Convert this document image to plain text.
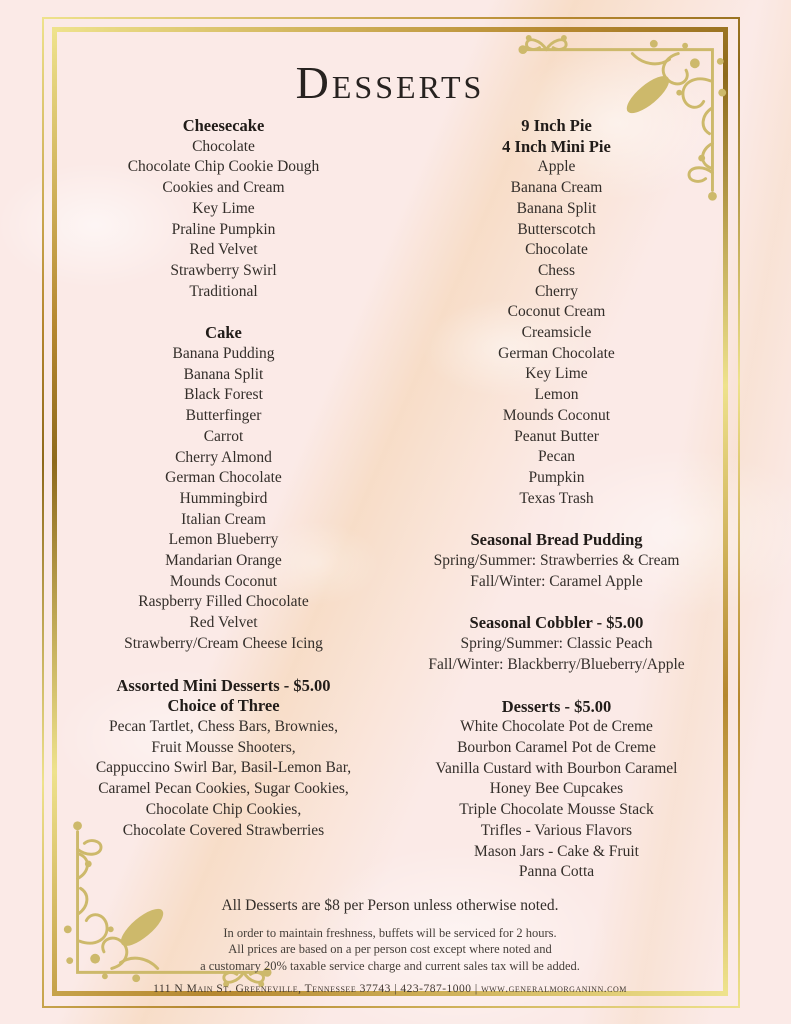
Desserts
Cheesecake
Chocolate
Chocolate Chip Cookie Dough
Cookies and Cream
Key Lime
Praline Pumpkin
Red Velvet
Strawberry Swirl
Traditional
Cake
Banana Pudding
Banana Split
Black Forest
Butterfinger
Carrot
Cherry Almond
German Chocolate
Hummingbird
Italian Cream
Lemon Blueberry
Mandarian Orange
Mounds Coconut
Raspberry Filled Chocolate
Red Velvet
Strawberry/Cream Cheese Icing
Assorted Mini Desserts - $5.00
Choice of Three
Pecan Tartlet, Chess Bars, Brownies,
Fruit Mousse Shooters,
Cappuccino Swirl Bar, Basil-Lemon Bar,
Caramel Pecan Cookies, Sugar Cookies,
Chocolate Chip Cookies,
Chocolate Covered Strawberries
9 Inch Pie
4 Inch Mini Pie
Apple
Banana Cream
Banana Split
Butterscotch
Chocolate
Chess
Cherry
Coconut Cream
Creamsicle
German Chocolate
Key Lime
Lemon
Mounds Coconut
Peanut Butter
Pecan
Pumpkin
Texas Trash
Seasonal Bread Pudding
Spring/Summer: Strawberries & Cream
Fall/Winter: Caramel Apple
Seasonal Cobbler - $5.00
Spring/Summer: Classic Peach
Fall/Winter: Blackberry/Blueberry/Apple
Desserts - $5.00
White Chocolate Pot de Creme
Bourbon Caramel Pot de Creme
Vanilla Custard with Bourbon Caramel
Honey Bee Cupcakes
Triple Chocolate Mousse Stack
Trifles - Various Flavors
Mason Jars - Cake & Fruit
Panna Cotta

All Desserts are $8 per Person unless otherwise noted.

In order to maintain freshness, buffets will be serviced for 2 hours.
All prices are based on a per person cost except where noted and
a customary 20% taxable service charge and current sales tax will be added.

111 N Main St. Greeneville, Tennessee 37743 | 423-787-1000 | www.generalmorganinn.com
